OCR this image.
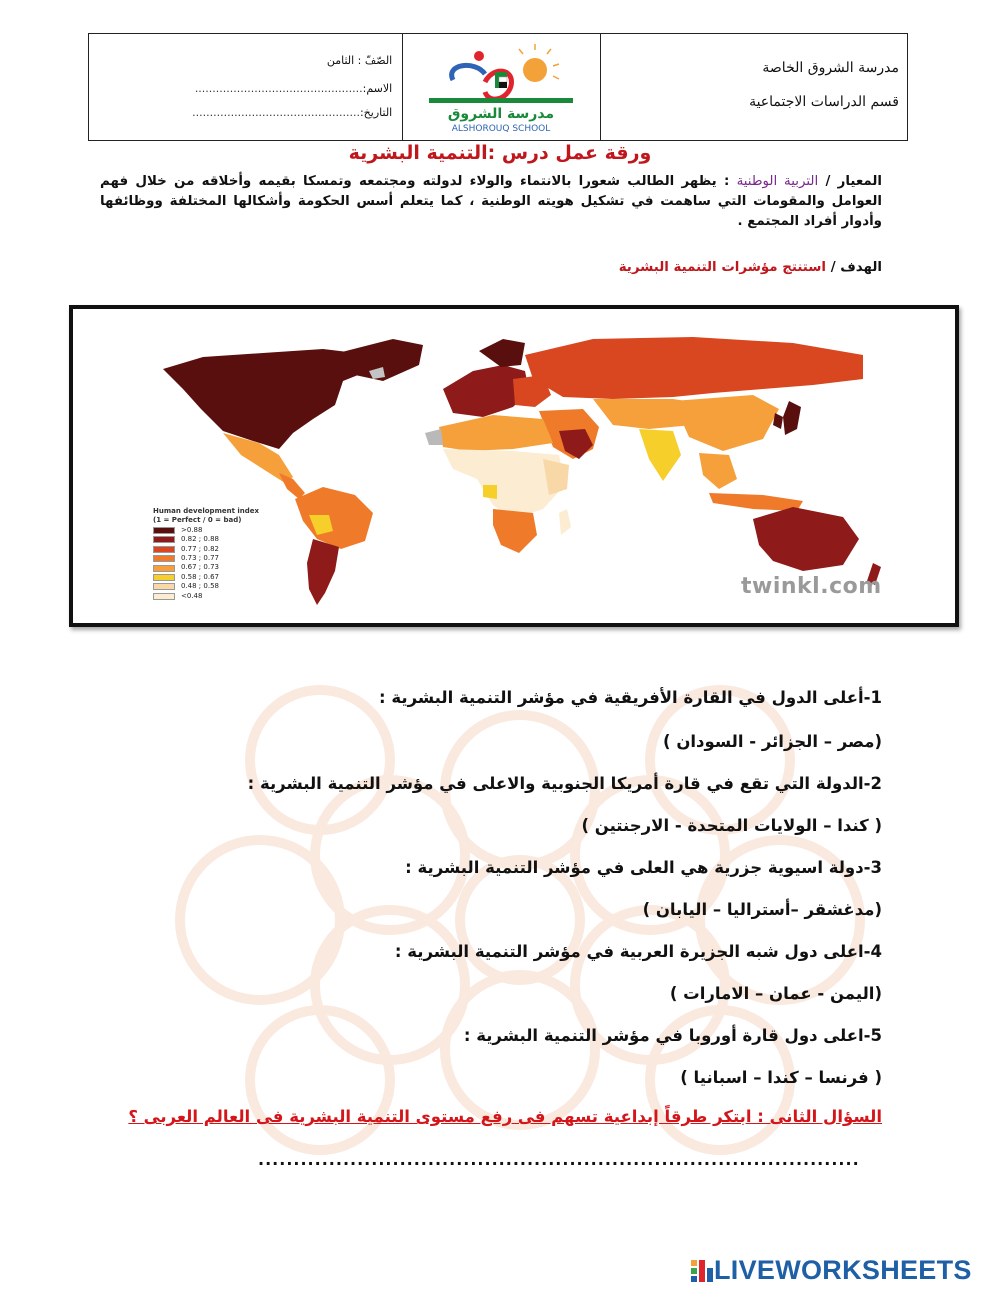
الصّفّ : الثامن
الاسم:................................................
التاريخ:................................................	مدرسة الشروق
ALSHOROUQ SCHOOL
مدرسة الشروق الخاصة
قسم الدراسات الاجتماعية
ورقة عمل درس :التنمية البشرية
المعيار / التربية الوطنية : يظهر الطالب شعورا بالانتماء والولاء لدولته ومجتمعه وتمسكا بقيمه وأخلاقه من خلال فهم العوامل والمقومات التي ساهمت في تشكيل هويته الوطنية ، كما يتعلم أسس الحكومة وأشكالها المختلفة ووظائفها وأدوار أفراد المجتمع .
الهدف / استنتج مؤشرات التنمية البشرية
Human development index
(1 = Perfect / 0 = bad)
>0.88
0.82 ; 0.88
0.77 ; 0.82
0.73 ; 0.77
0.67 ; 0.73
0.58 ; 0.67
0.48 ; 0.58
<0.48	twinkl.com
1-أعلى الدول في القارة الأفريقية في مؤشر التنمية البشرية :
(مصر – الجزائر - السودان )
2-الدولة التي تقع في قارة أمريكا الجنوبية والاعلى في مؤشر التنمية البشرية :
( كندا – الولايات المتحدة - الارجنتين )
3-دولة اسيوية جزرية هي العلى في مؤشر التنمية البشرية :
(مدغشقر –أستراليا – اليابان )
4-اعلى دول شبه الجزيرة العربية في مؤشر التنمية البشرية :
(اليمن - عمان – الامارات )
5-اعلى دول قارة أوروبا في مؤشر التنمية البشرية :
( فرنسا – كندا – اسبانيا )
السؤال الثانى : ابتكر طرقاً إبداعية تسهم فى رفع مستوى التنمية البشرية فى العالم العربى ؟
.....................................................................................
LIVEWORKSHEETS
